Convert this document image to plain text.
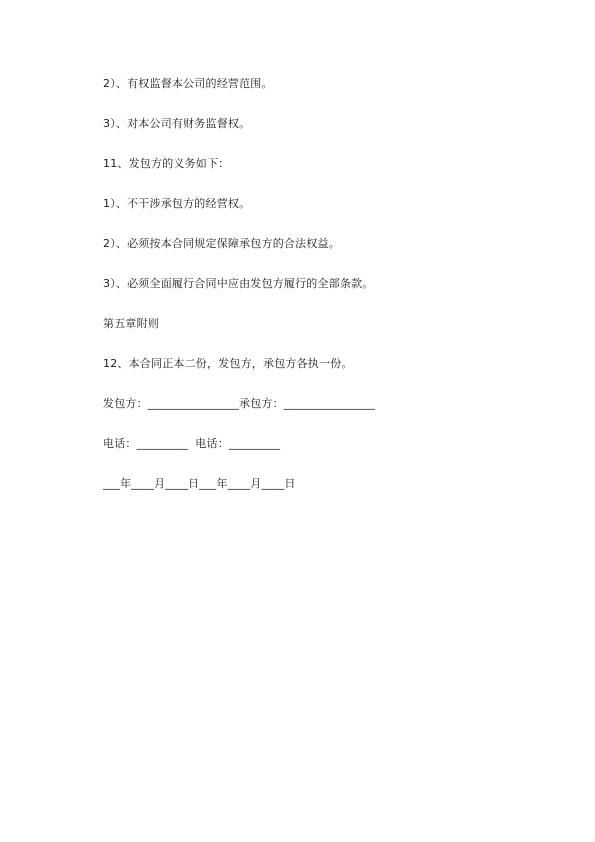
2）、有权监督本公司的经营范围。
3）、对本公司有财务监督权。
11、发包方的义务如下：
1）、不干涉承包方的经营权。
2）、必须按本合同规定保障承包方的合法权益。
3）、必须全面履行合同中应由发包方履行的全部条款。
第五章附则
12、本合同正本二份，发包方，承包方各执一份。
发包方：________________承包方：________________
电话：_________  电话：_________
___年____月____日___年____月____日
